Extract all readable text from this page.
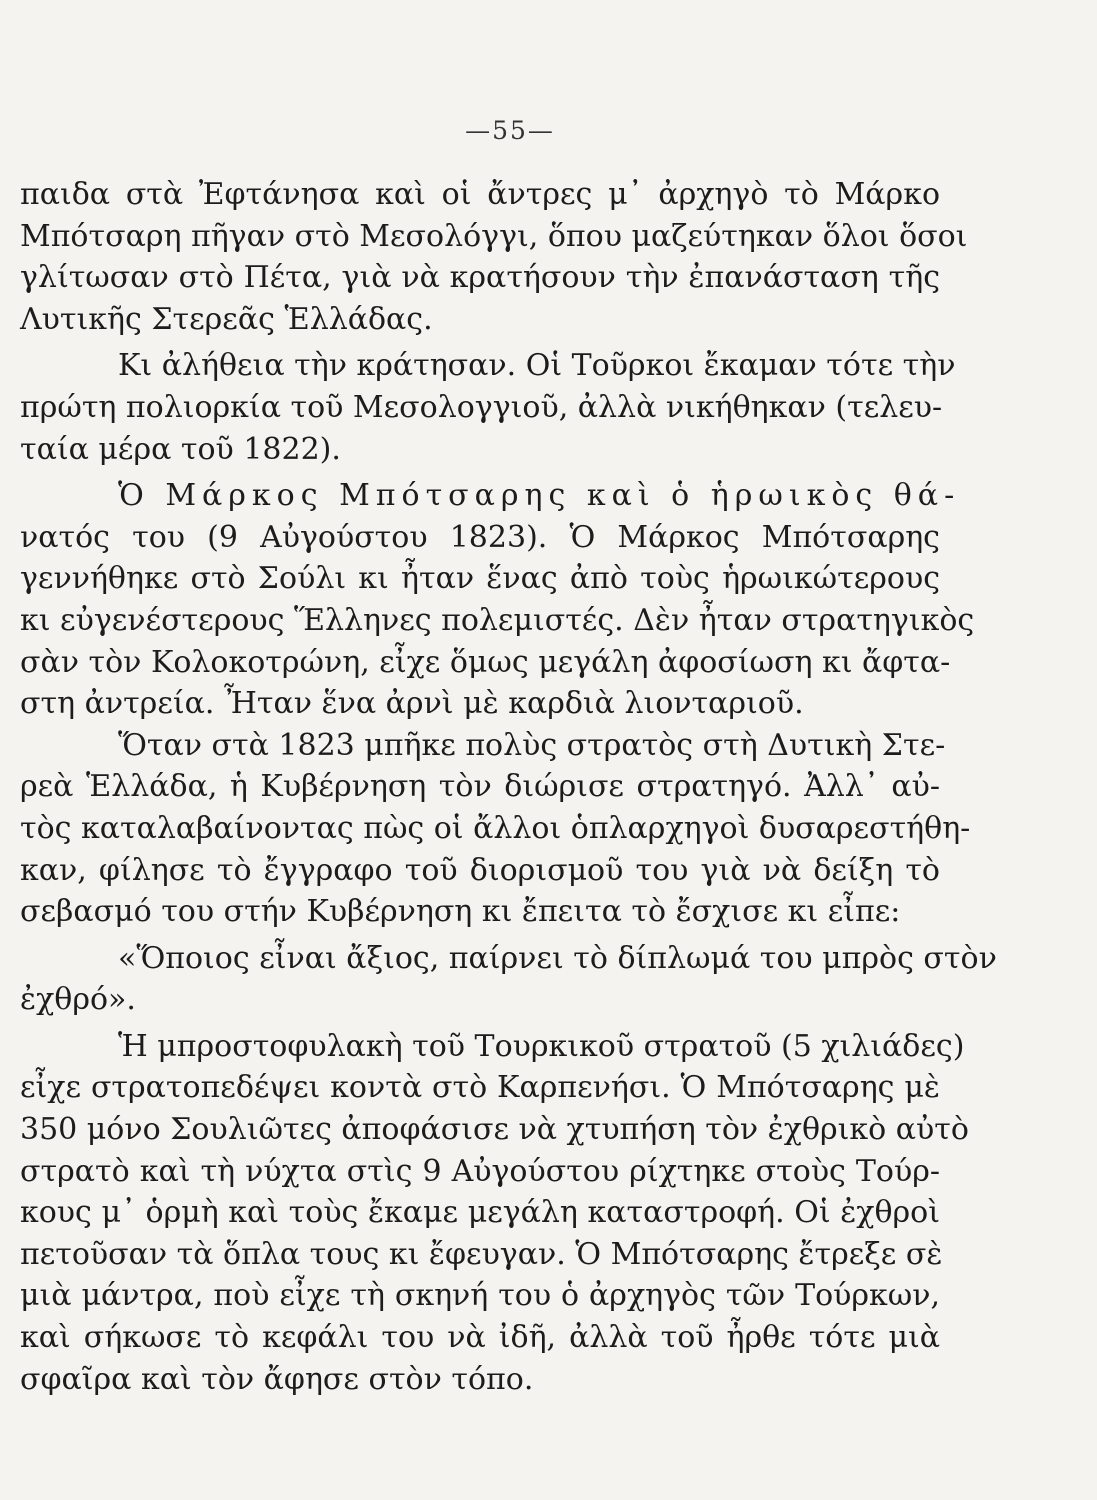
—55—
παιδα στὰ Ἐφτάνησα καὶ οἱ ἄντρες μ᾽ ἀρχηγὸ τὸ Μάρκο
Μπότσαρη πῆγαν στὸ Μεσολόγγι, ὅπου μαζεύτηκαν ὅλοι ὅσοι
γλίτωσαν στὸ Πέτα, γιὰ νὰ κρατήσουν τὴν ἐπανάσταση τῆς
Λυτικῆς Στερεᾶς Ἑλλάδας.
Κι ἀλήθεια τὴν κράτησαν. Οἱ Τοῦρκοι ἔκαμαν τότε τὴν
πρώτη πολιορκία τοῦ Μεσολογγιοῦ, ἀλλὰ νικήθηκαν (τελευ-
ταία μέρα τοῦ 1822).
Ὁ Μάρκος Μπότσαρης καὶ ὁ ἡρωικὸς θά-
νατός του (9 Αὐγούστου 1823). Ὁ Μάρκος Μπότσαρης
γεννήθηκε στὸ Σούλι κι ἦταν ἕνας ἀπὸ τοὺς ἡρωικώτερους
κι εὐγενέστερους Ἕλληνες πολεμιστές. Δὲν ἦταν στρατηγικὸς
σὰν τὸν Κολοκοτρώνη, εἶχε ὅμως μεγάλη ἀφοσίωση κι ἄφτα-
στη ἀντρεία. Ἦταν ἕνα ἀρνὶ μὲ καρδιὰ λιονταριοῦ.
Ὅταν στὰ 1823 μπῆκε πολὺς στρατὸς στὴ Δυτικὴ Στε-
ρεὰ Ἑλλάδα, ἡ Κυβέρνηση τὸν διώρισε στρατηγό. Ἀλλ᾽ αὐ-
τὸς καταλαβαίνοντας πὼς οἱ ἄλλοι ὁπλαρχηγοὶ δυσαρεστήθη-
καν, φίλησε τὸ ἔγγραφο τοῦ διορισμοῦ του γιὰ νὰ δείξη τὸ
σεβασμό του στήν Κυβέρνηση κι ἔπειτα τὸ ἔσχισε κι εἶπε:
«Ὅποιος εἶναι ἄξιος, παίρνει τὸ δίπλωμά του μπρὸς στὸν
ἐχθρό».
Ἡ μπροστοφυλακὴ τοῦ Τουρκικοῦ στρατοῦ (5 χιλιάδες)
εἶχε στρατοπεδέψει κοντὰ στὸ Καρπενήσι. Ὁ Μπότσαρης μὲ
350 μόνο Σουλιῶτες ἀποφάσισε νὰ χτυπήση τὸν ἐχθρικὸ αὐτὸ
στρατὸ καὶ τὴ νύχτα στὶς 9 Αὐγούστου ρίχτηκε στοὺς Τούρ-
κους μ᾽ ὁρμὴ καὶ τοὺς ἔκαμε μεγάλη καταστροφή. Οἱ ἐχθροὶ
πετοῦσαν τὰ ὅπλα τους κι ἔφευγαν. Ὁ Μπότσαρης ἔτρεξε σὲ
μιὰ μάντρα, ποὺ εἶχε τὴ σκηνή του ὁ ἀρχηγὸς τῶν Τούρκων,
καὶ σήκωσε τὸ κεφάλι του νὰ ἰδῆ, ἀλλὰ τοῦ ἦρθε τότε μιὰ
σφαῖρα καὶ τὸν ἄφησε στὸν τόπο.
